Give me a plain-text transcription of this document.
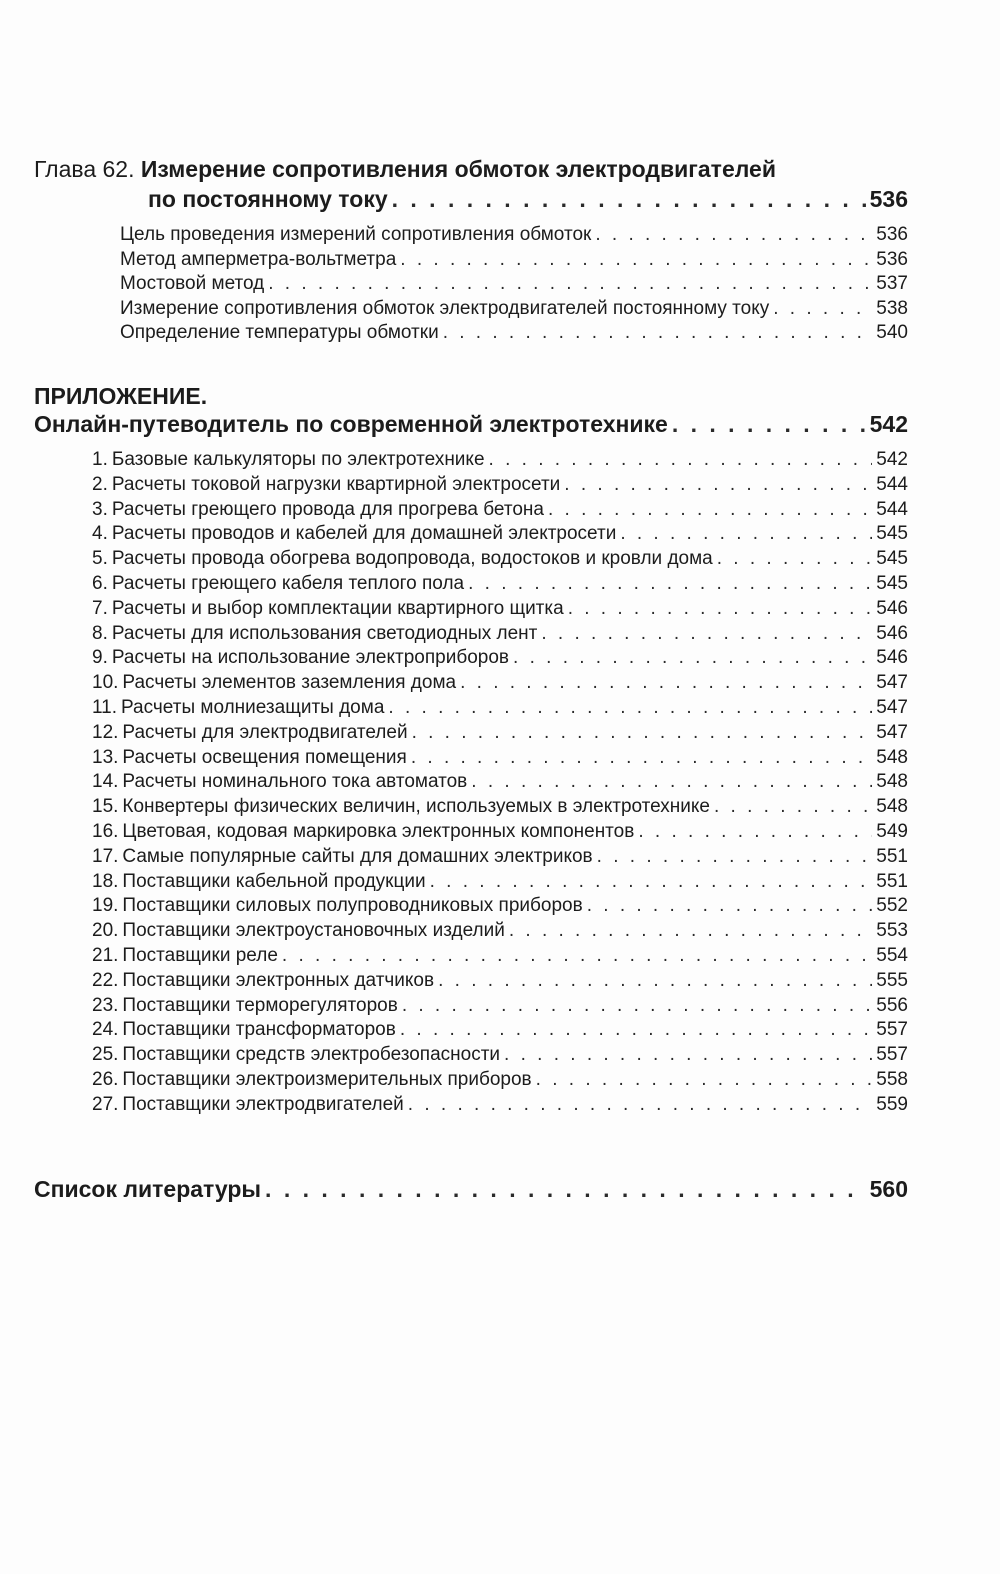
Глава 62. Измерение сопротивления обмоток электродвигателей
по постоянному току . . .	536
Цель проведения измерений сопротивления обмоток . . .	536
Метод амперметра-вольтметра . . .	536
Мостовой метод . . .	537
Измерение сопротивления обмоток электродвигателей постоянному току . . .	538
Определение температуры обмотки . . .	540
ПРИЛОЖЕНИЕ.
Онлайн-путеводитель по современной электротехнике . . .	542
1. Базовые калькуляторы по электротехнике . . .	542
2. Расчеты токовой нагрузки квартирной электросети . . .	544
3. Расчеты греющего провода для прогрева бетона . . .	544
4. Расчеты проводов и кабелей для домашней электросети . . .	545
5. Расчеты провода обогрева водопровода, водостоков и кровли дома . . .	545
6. Расчеты греющего кабеля теплого пола . . .	545
7. Расчеты и выбор комплектации квартирного щитка . . .	546
8. Расчеты для использования светодиодных лент . . .	546
9. Расчеты на использование электроприборов . . .	546
10. Расчеты элементов заземления дома . . .	547
11. Расчеты молниезащиты дома . . .	547
12. Расчеты для электродвигателей . . .	547
13. Расчеты освещения помещения . . .	548
14. Расчеты номинального тока автоматов . . .	548
15. Конвертеры физических величин, используемых в электротехнике . . .	548
16. Цветовая, кодовая маркировка электронных компонентов . . .	549
17. Самые популярные сайты для домашних электриков . . .	551
18. Поставщики кабельной продукции . . .	551
19. Поставщики силовых полупроводниковых приборов . . .	552
20. Поставщики электроустановочных изделий . . .	553
21. Поставщики реле . . .	554
22. Поставщики электронных датчиков . . .	555
23. Поставщики терморегуляторов . . .	556
24. Поставщики трансформаторов . . .	557
25. Поставщики средств электробезопасности . . .	557
26. Поставщики электроизмерительных приборов . . .	558
27. Поставщики электродвигателей . . .	559
Список литературы . . .	560
